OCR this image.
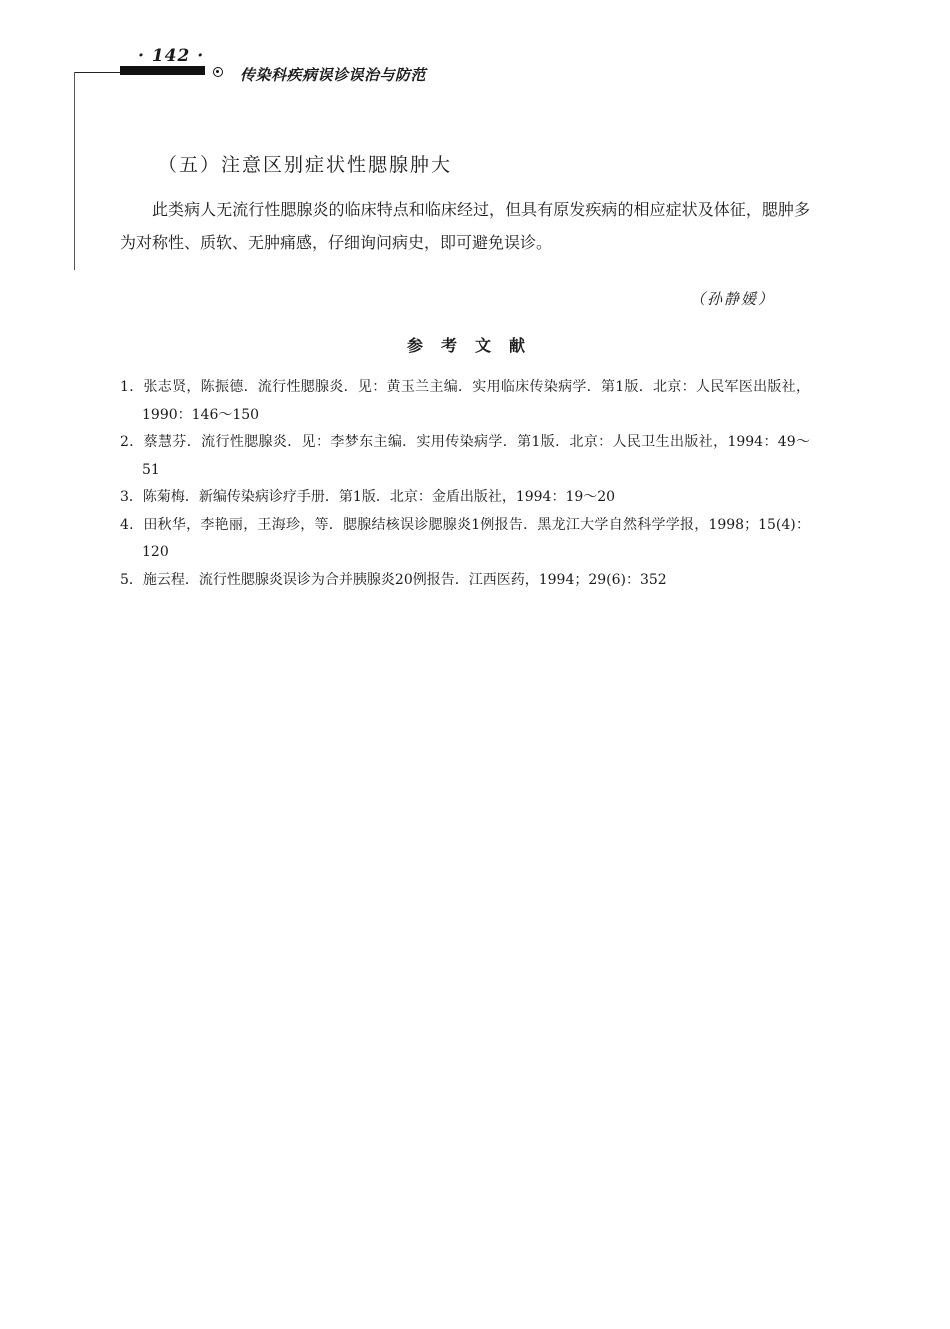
· 142 ·
传染科疾病误诊误治与防范
（五）注意区别症状性腮腺肿大

此类病人无流行性腮腺炎的临床特点和临床经过，但具有原发疾病的相应症状及体征，腮肿多为对称性、质软、无肿痛感，仔细询问病史，即可避免误诊。

（孙静媛）
参考文献
1．张志贤，陈振德．流行性腮腺炎．见：黄玉兰主编．实用临床传染病学．第1版．北京：人民军医出版社，1990：146～150
2．蔡慧芬．流行性腮腺炎．见：李梦东主编．实用传染病学．第1版．北京：人民卫生出版社，1994：49～51
3．陈菊梅．新编传染病诊疗手册．第1版．北京：金盾出版社，1994：19～20
4．田秋华，李艳丽，王海珍，等．腮腺结核误诊腮腺炎1例报告．黑龙江大学自然科学学报，1998；15(4)：120
5．施云程．流行性腮腺炎误诊为合并胰腺炎20例报告．江西医药，1994；29(6)：352
